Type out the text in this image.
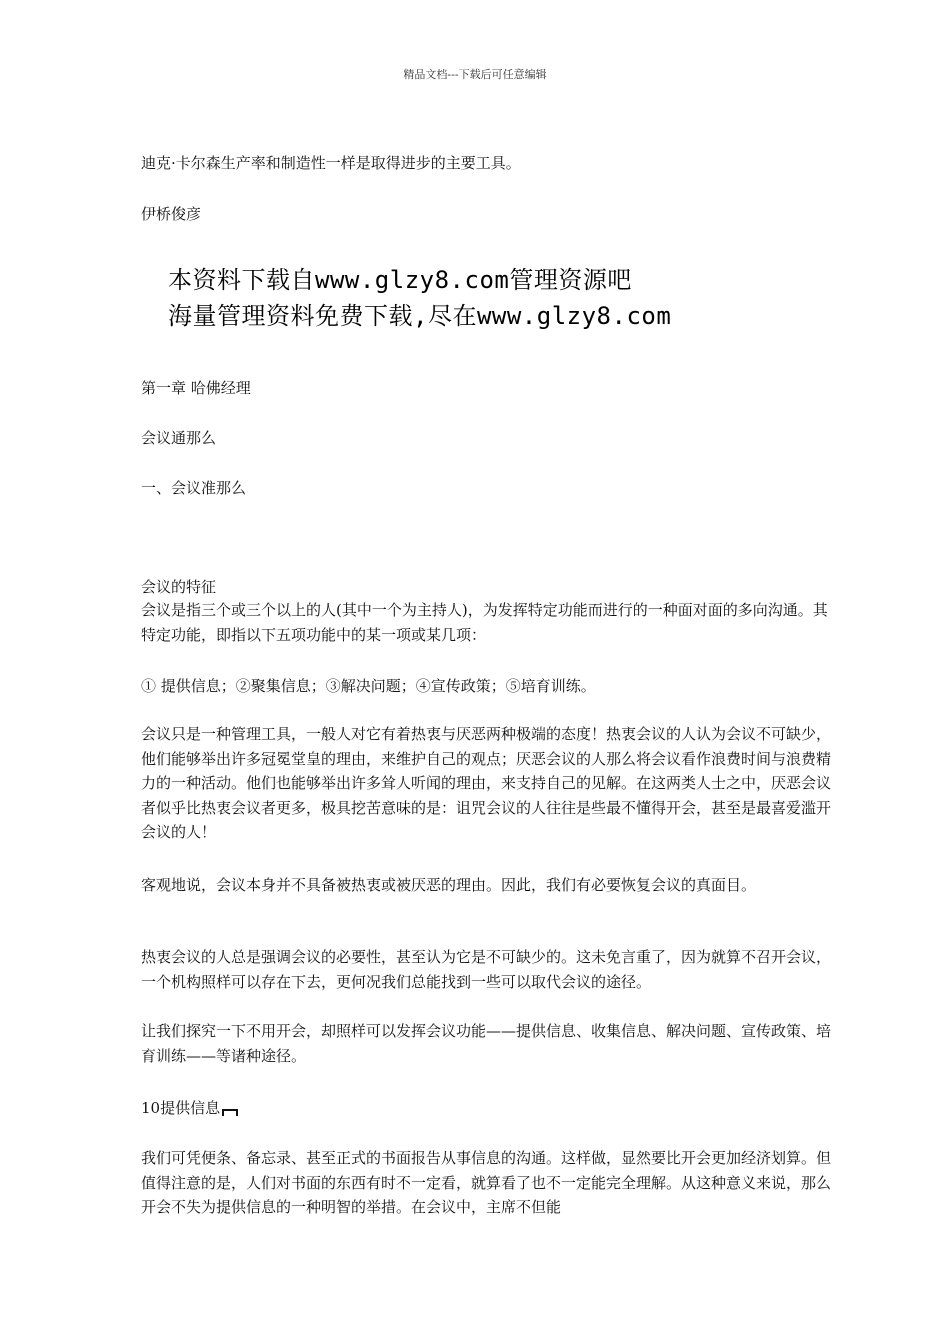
精品文档---下载后可任意编辑
迪克·卡尔森生产率和制造性一样是取得进步的主要工具。
伊桥俊彦
本资料下载自www.glzy8.com管理资源吧
海量管理资料免费下载,尽在www.glzy8.com
第一章 哈佛经理
会议通那么
一、会议准那么
会议的特征
会议是指三个或三个以上的人(其中一个为主持人)，为发挥特定功能而进行的一种面对面的多向沟通。其特定功能，即指以下五项功能中的某一项或某几项：
① 提供信息；②聚集信息；③解决问题；④宣传政策；⑤培育训练。
会议只是一种管理工具，一般人对它有着热衷与厌恶两种极端的态度！热衷会议的人认为会议不可缺少，他们能够举出许多冠冕堂皇的理由，来维护自己的观点；厌恶会议的人那么将会议看作浪费时间与浪费精力的一种活动。他们也能够举出许多耸人听闻的理由，来支持自己的见解。在这两类人士之中，厌恶会议者似乎比热衷会议者更多，极具挖苦意味的是：诅咒会议的人往往是些最不懂得开会，甚至是最喜爱滥开会议的人！
客观地说，会议本身并不具备被热衷或被厌恶的理由。因此，我们有必要恢复会议的真面目。
热衷会议的人总是强调会议的必要性，甚至认为它是不可缺少的。这未免言重了，因为就算不召开会议，一个机构照样可以存在下去，更何况我们总能找到一些可以取代会议的途径。
让我们探究一下不用开会，却照样可以发挥会议功能——提供信息、收集信息、解决问题、宣传政策、培育训练——等诸种途径。
10提供信息
我们可凭便条、备忘录、甚至正式的书面报告从事信息的沟通。这样做，显然要比开会更加经济划算。但值得注意的是，人们对书面的东西有时不一定看，就算看了也不一定能完全理解。从这种意义来说，那么开会不失为提供信息的一种明智的举措。在会议中，主席不但能
